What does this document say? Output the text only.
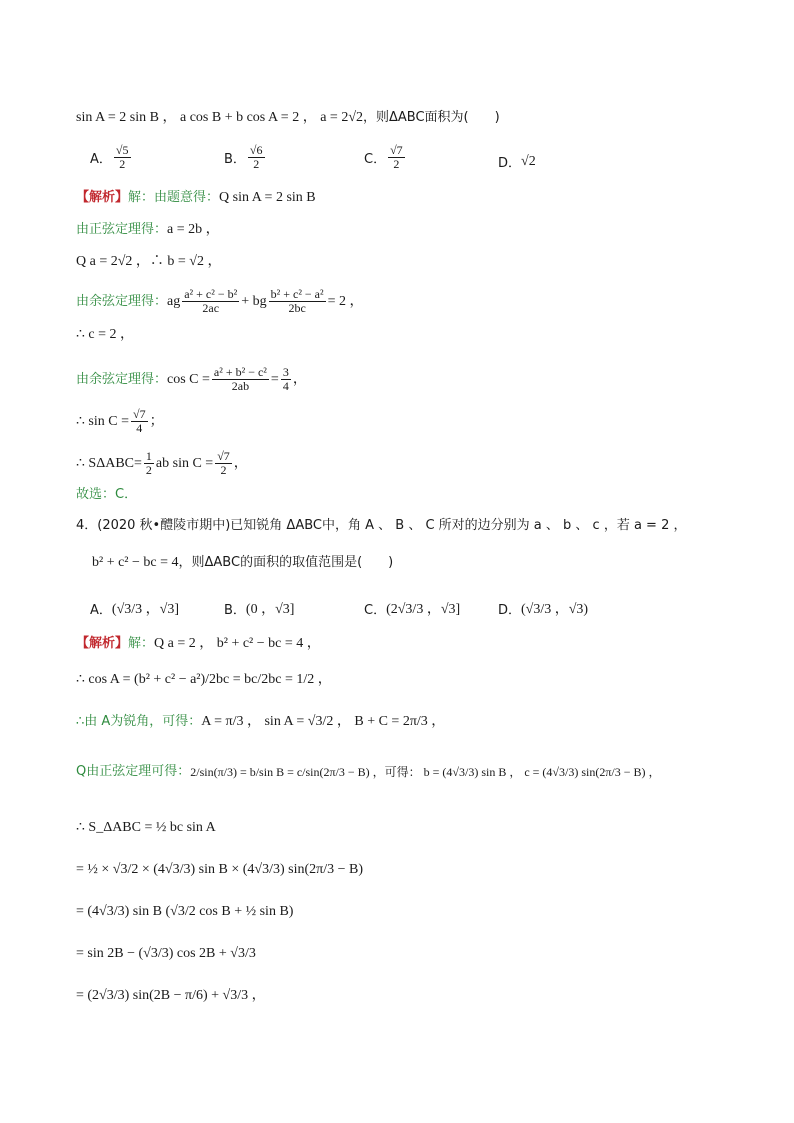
sin A = 2 sin B ， a cos B + b cos A = 2 ， a = 2√2 ，则ΔABC面积为(　　)
A． $\frac{√5}{2}$	B． $\frac{√6}{2}$	C． $\frac{√7}{2}$	D． √2
【解析】 解：由题意得： Q sin A = 2 sin B
由正弦定理得： a = 2b ，
Q a = 2√2 ，∴ b = √2 ，
由余弦定理得： ag $\frac{\text{a² + c² − b²}}{2ac}$ + bg $\frac{\text{b² + c² − a²}}{2bc} = 2$ ，
∴ c = 2 ，
由余弦定理得： $\cos C = \frac{\text{a² + b² − c²}}{2ab} = \frac{3}{4}$ ，
∴ $\sin C = \frac{√7}{4}$ ；
∴ S $\Delta ABC = \frac{1}{2}$ ab $\sin C = \frac{√7}{2}$ ，
故选：C．
4．(2020 秋•醴陵市期中)已知锐角 ΔABC中，角 A 、 B 、 C 所对的边分别为 a 、 b 、 c ，若 a = 2 ，
b² + c² − bc = 4 ，则ΔABC的面积的取值范围是(　　)
A． (√3/3 ，√3]	B． (0 ，√3]	C． (2√3/3 ，√3]	D． (√3/3 ，√3)
【解析】 解： Q a = 2 ， b² + c² − bc = 4 ，
∴ cos A = (b² + c² − a²)/2bc = bc/2bc = 1/2 ，
∴由 A为锐角，可得： A = π/3 ， sin A = √3/2 ， B + C = 2π/3 ，
Q由正弦定理可得： 2/sin(π/3) = b/sin B = c/sin(2π/3 − B) ，可得： b = (4√3/3) sin B ， c = (4√3/3) sin(2π/3 − B) ，
∴ S_ΔABC = ½ bc sin A
= ½ × √3/2 × (4√3/3) sin B × (4√3/3) sin(2π/3 − B)
= (4√3/3) sin B (√3/2 cos B + ½ sin B)
= sin 2B − (√3/3) cos 2B + √3/3
= (2√3/3) sin(2B − π/6) + √3/3 ，
